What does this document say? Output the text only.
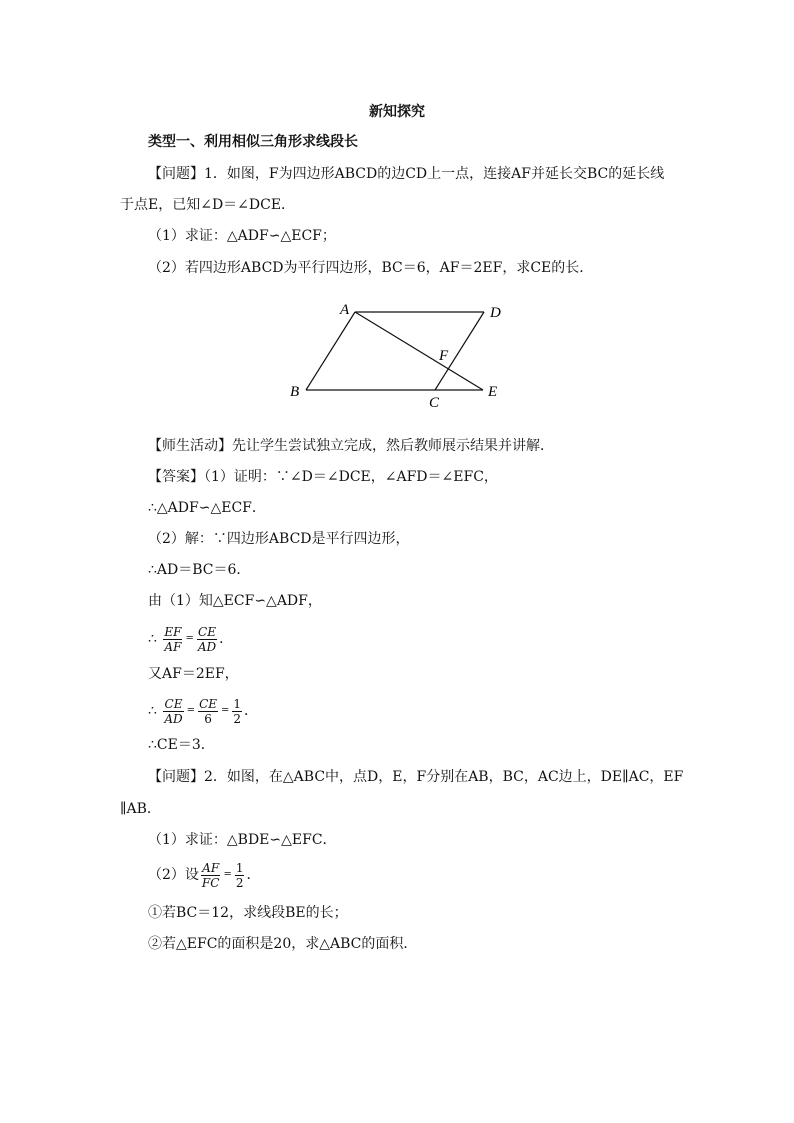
新知探究
类型一、利用相似三角形求线段长
【问题】1．如图，F为四边形ABCD的边CD上一点，连接AF并延长交BC的延长线
于点E，已知∠D＝∠DCE．
（1）求证：△ADF∽△ECF；
（2）若四边形ABCD为平行四边形，BC＝6，AF＝2EF，求CE的长．
A	D
F
B
C
E
【师生活动】先让学生尝试独立完成，然后教师展示结果并讲解．
【答案】（1）证明：∵∠D＝∠DCE，∠AFD＝∠EFC，
∴△ADF∽△ECF．
（2）解：∵四边形ABCD是平行四边形，
∴AD＝BC＝6．
由（1）知△ECF∽△ADF，
∴ $\frac{EF}{AF} = \frac{CE}{AD}$ ．
又AF＝2EF，
∴ $\frac{CE}{AD} = \frac{CE}{6} = \frac{1}{2}$ ．
∴CE＝3．
【问题】2．如图，在△ABC中，点D，E，F分别在AB，BC，AC边上，DE∥AC，EF
∥AB．
（1）求证：△BDE∽△EFC．
（2）设 $\frac{AF}{FC} = \frac{1}{2}$ ．
①若BC＝12，求线段BE的长；
②若△EFC的面积是20，求△ABC的面积．
